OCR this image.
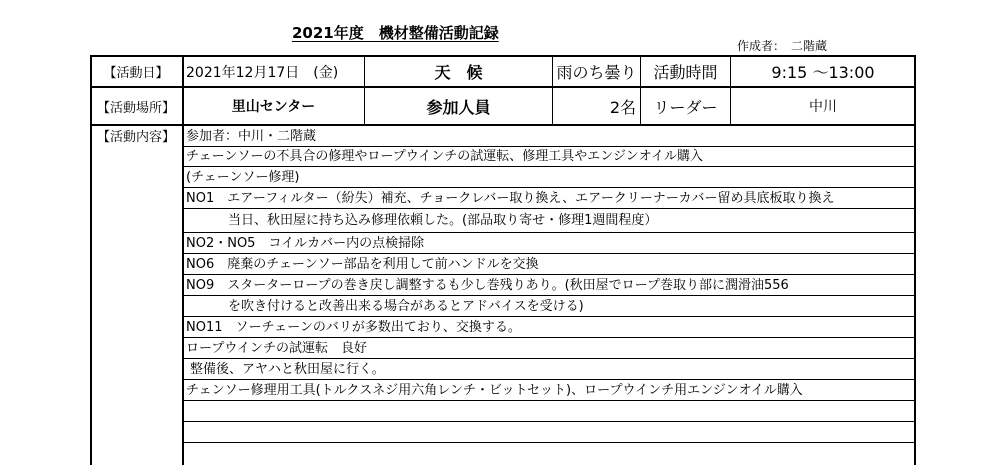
2021年度　機材整備活動記録
作成者：　二階蔵
【活動日】	2021年12月17日　(金)	天　候	雨のち曇り	活動時間	9:15 ～13:00
【活動場所】	里山センター	参加人員	2名	リーダー	中川
【活動内容】 参加者：中川・二階蔵
チェーンソーの不具合の修理やロープウインチの試運転、修理工具やエンジンオイル購入
(チェーンソー修理)
NO1　エアーフィルター（紛失）補充、チョークレバー取り換え、エアークリーナーカバー留め具底板取り換え
当日、秋田屋に持ち込み修理依頼した。(部品取り寄せ・修理1週間程度）
NO2・NO5　コイルカバー内の点検掃除
NO6　廃棄のチェーンソー部品を利用して前ハンドルを交換
NO9　スターターロープの巻き戻し調整するも少し巻残りあり。(秋田屋でロープ巻取り部に潤滑油556
を吹き付けると改善出来る場合があるとアドバイスを受ける)
NO11　ソーチェーンのバリが多数出ており、交換する。
ロープウインチの試運転　良好
整備後、アヤハと秋田屋に行く。
チェンソー修理用工具(トルクスネジ用六角レンチ・ビットセット)、ロープウインチ用エンジンオイル購入
